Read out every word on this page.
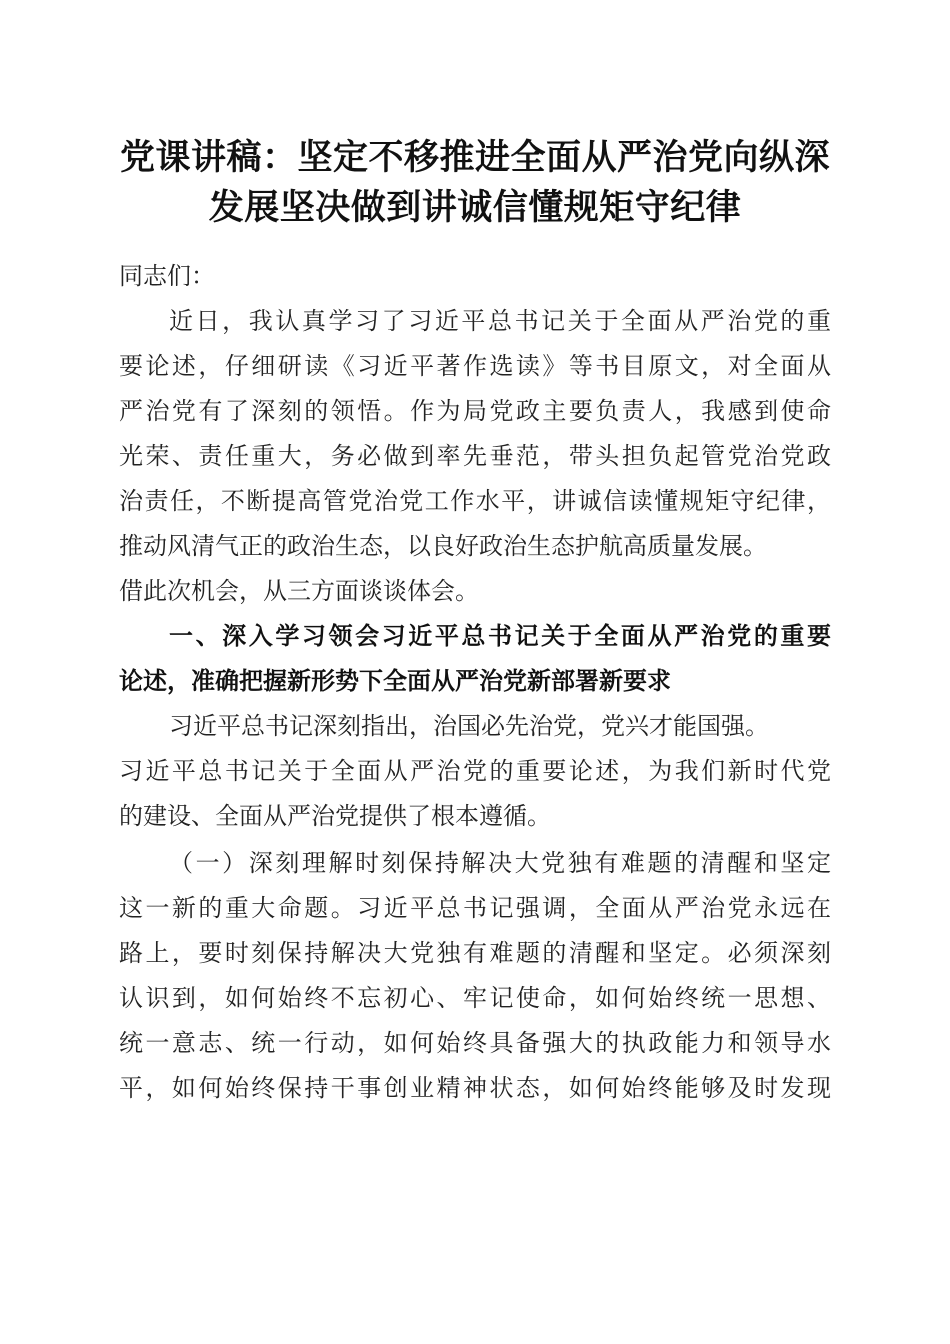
党课讲稿：坚定不移推进全面从严治党向纵深
发展坚决做到讲诚信懂规矩守纪律
同志们：
近日，我认真学习了习近平总书记关于全面从严治党的重
要论述，仔细研读《习近平著作选读》等书目原文，对全面从
严治党有了深刻的领悟。作为局党政主要负责人，我感到使命
光荣、责任重大，务必做到率先垂范，带头担负起管党治党政
治责任，不断提高管党治党工作水平，讲诚信读懂规矩守纪律，
推动风清气正的政治生态，以良好政治生态护航高质量发展。
借此次机会，从三方面谈谈体会。
一、深入学习领会习近平总书记关于全面从严治党的重要
论述，准确把握新形势下全面从严治党新部署新要求
习近平总书记深刻指出，治国必先治党，党兴才能国强。
习近平总书记关于全面从严治党的重要论述，为我们新时代党
的建设、全面从严治党提供了根本遵循。
（一）深刻理解时刻保持解决大党独有难题的清醒和坚定
这一新的重大命题。习近平总书记强调，全面从严治党永远在
路上，要时刻保持解决大党独有难题的清醒和坚定。必须深刻
认识到，如何始终不忘初心、牢记使命，如何始终统一思想、
统一意志、统一行动，如何始终具备强大的执政能力和领导水
平，如何始终保持干事创业精神状态，如何始终能够及时发现
